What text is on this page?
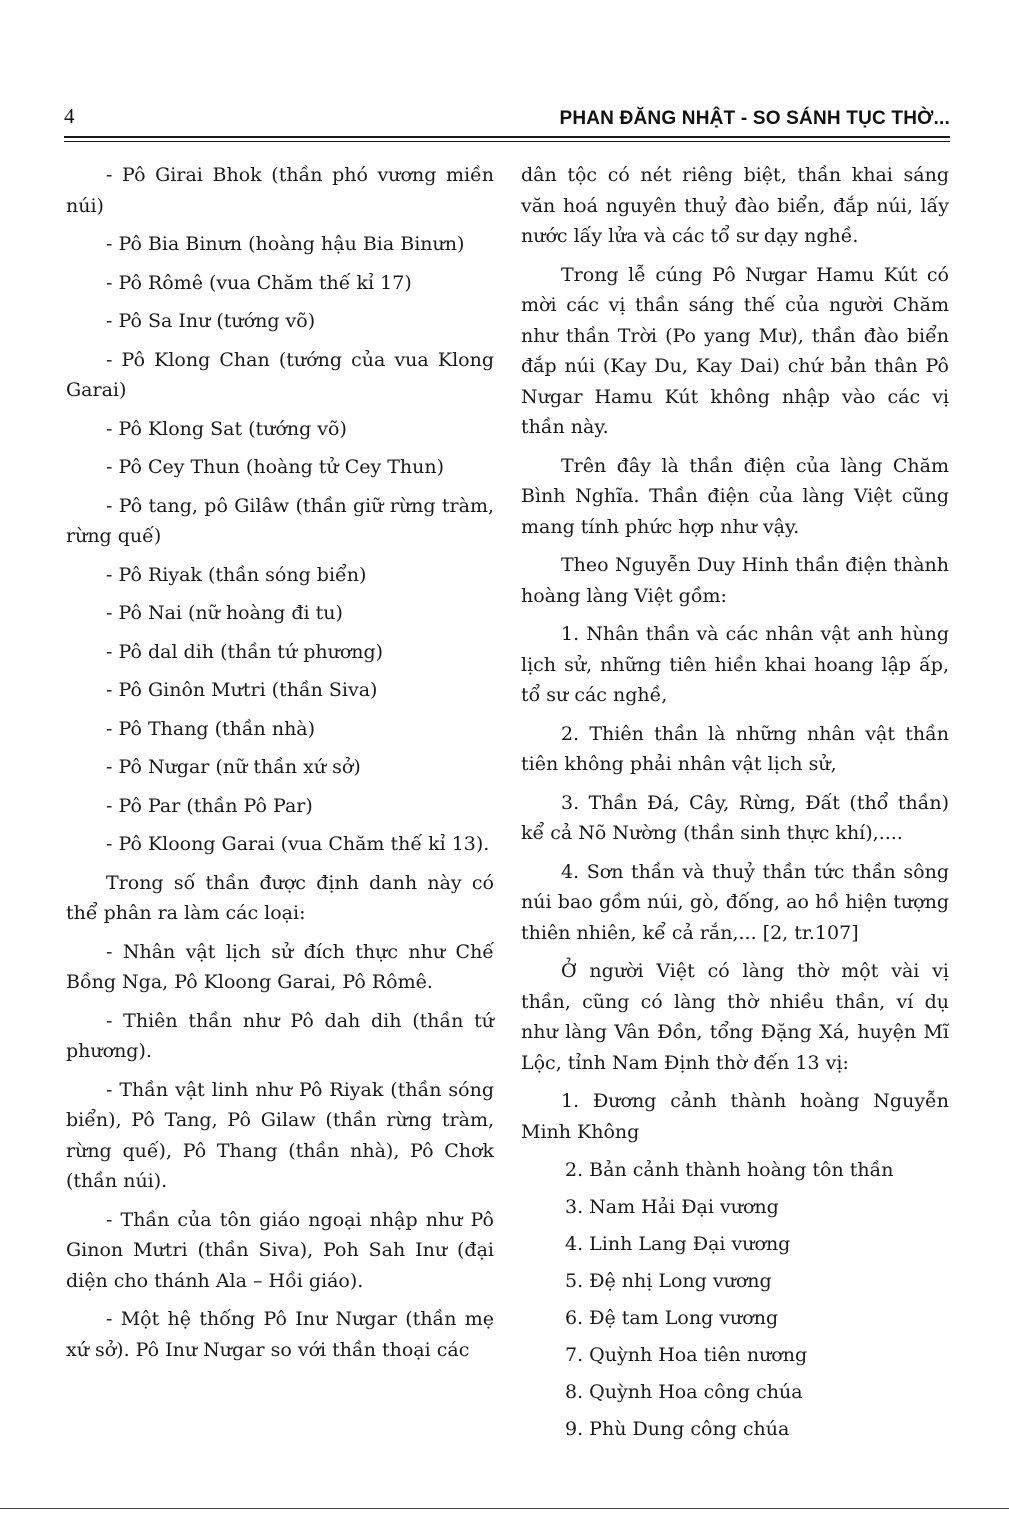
4	PHAN ĐĂNG NHẬT - SO SÁNH TỤC THỜ...

- Pô Girai Bhok (thần phó vương miền núi)

- Pô Bia Binưn (hoàng hậu Bia Binưn)

- Pô Rômê (vua Chăm thế kỉ 17)

- Pô Sa Inư (tướng võ)

- Pô Klong Chan (tướng của vua Klong Garai)

- Pô Klong Sat (tướng võ)

- Pô Cey Thun (hoàng tử Cey Thun)

- Pô tang, pô Gilâw (thần giữ rừng tràm, rừng quế)

- Pô Riyak (thần sóng biển)

- Pô Nai (nữ hoàng đi tu)

- Pô dal dih (thần tứ phương)

- Pô Ginôn Mưtri (thần Siva)

- Pô Thang (thần nhà)

- Pô Nưgar (nữ thần xứ sở)

- Pô Par (thần Pô Par)

- Pô Kloong Garai (vua Chăm thế kỉ 13).

Trong số thần được định danh này có thể phân ra làm các loại:

- Nhân vật lịch sử đích thực như Chế Bồng Nga, Pô Kloong Garai, Pô Rômê.

- Thiên thần như Pô dah dih (thần tứ phương).

- Thần vật linh như Pô Riyak (thần sóng biển), Pô Tang, Pô Gilaw (thần rừng tràm, rừng quế), Pô Thang (thần nhà), Pô Chơk (thần núi).

- Thần của tôn giáo ngoại nhập như Pô Ginon Mưtri (thần Siva), Poh Sah Inư (đại diện cho thánh Ala – Hồi giáo).

- Một hệ thống Pô Inư Nưgar (thần mẹ xứ sở). Pô Inư Nưgar so với thần thoại các

dân tộc có nét riêng biệt, thần khai sáng văn hoá nguyên thuỷ đào biển, đắp núi, lấy nước lấy lửa và các tổ sư dạy nghề.

Trong lễ cúng Pô Nưgar Hamu Kút có mời các vị thần sáng thế của người Chăm như thần Trời (Po yang Mư), thần đào biển đắp núi (Kay Du, Kay Dai) chứ bản thân Pô Nưgar Hamu Kút không nhập vào các vị thần này.

Trên đây là thần điện của làng Chăm Bình Nghĩa. Thần điện của làng Việt cũng mang tính phức hợp như vậy.

Theo Nguyễn Duy Hinh thần điện thành hoàng làng Việt gồm:

1. Nhân thần và các nhân vật anh hùng lịch sử, những tiên hiền khai hoang lập ấp, tổ sư các nghề,

2. Thiên thần là những nhân vật thần tiên không phải nhân vật lịch sử,

3. Thần Đá, Cây, Rừng, Đất (thổ thần) kể cả Nõ Nường (thần sinh thực khí),....

4. Sơn thần và thuỷ thần tức thần sông núi bao gồm núi, gò, đống, ao hồ hiện tượng thiên nhiên, kể cả rắn,... [2, tr.107]

Ở người Việt có làng thờ một vài vị thần, cũng có làng thờ nhiều thần, ví dụ như làng Vân Đồn, tổng Đặng Xá, huyện Mĩ Lộc, tỉnh Nam Định thờ đến 13 vị:

1. Đương cảnh thành hoàng Nguyễn Minh Không

2. Bản cảnh thành hoàng tôn thần

3. Nam Hải Đại vương

4. Linh Lang Đại vương

5. Đệ nhị Long vương

6. Đệ tam Long vương

7. Quỳnh Hoa tiên nương

8. Quỳnh Hoa công chúa

9. Phù Dung công chúa
